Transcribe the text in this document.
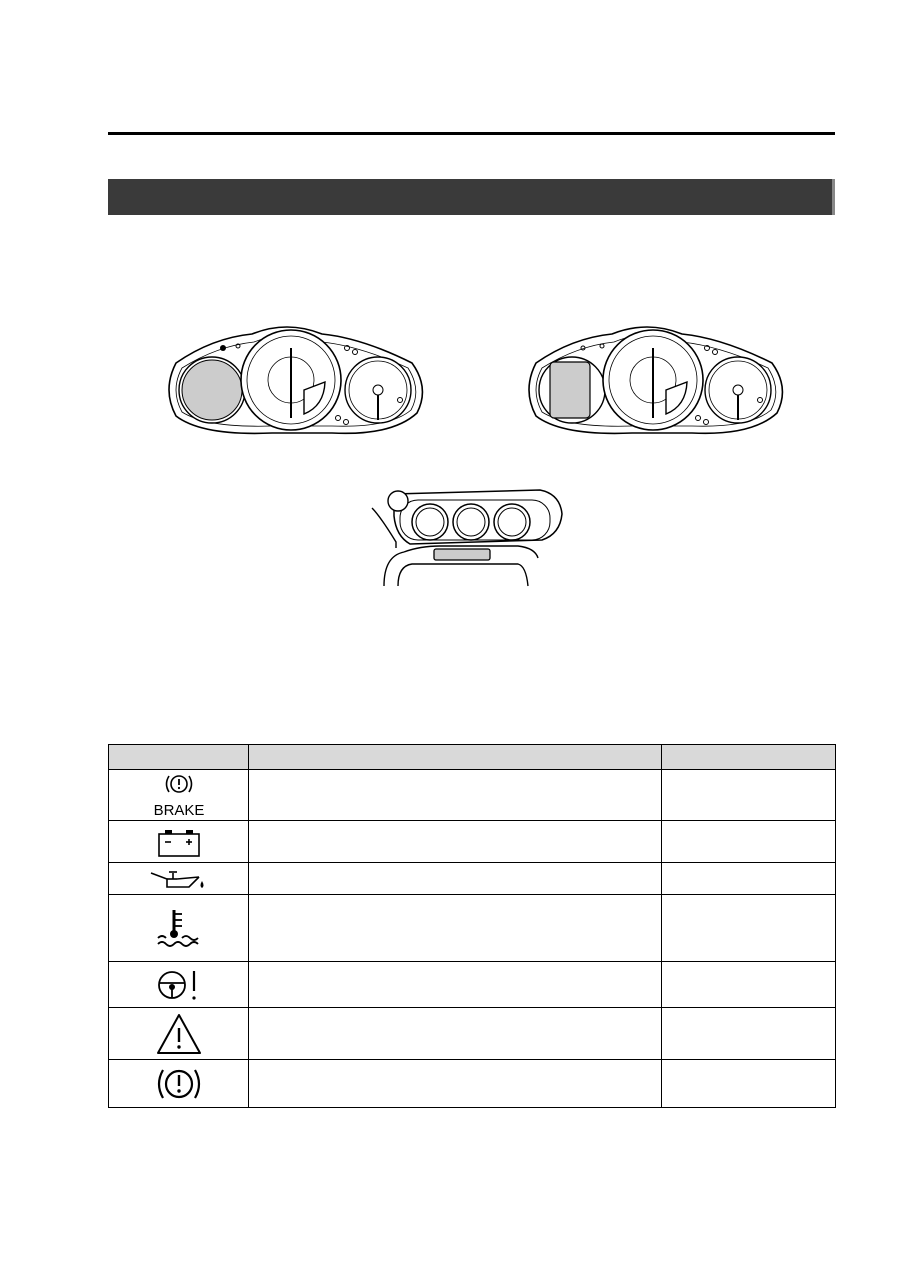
BRAKE		
